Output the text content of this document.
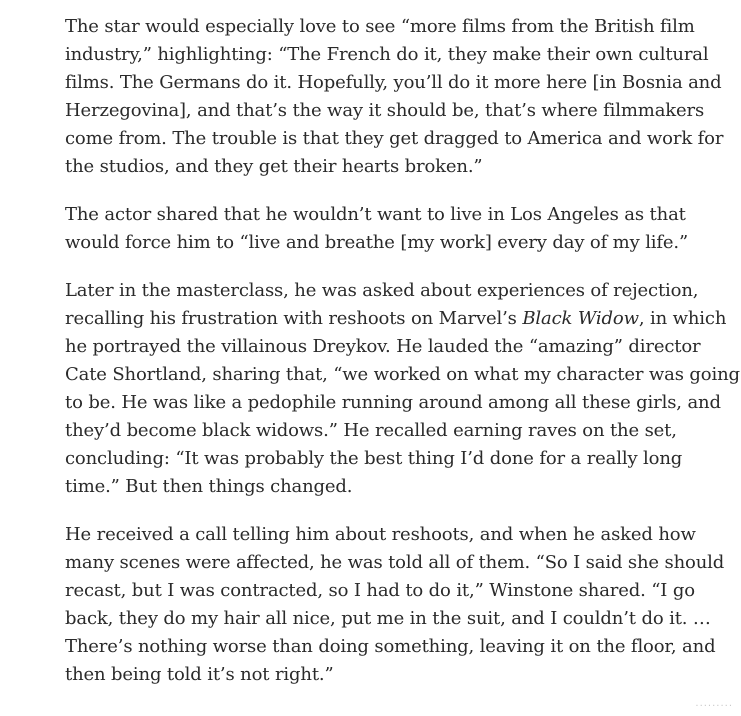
The star would especially love to see “more films from the British film industry,” highlighting: “The French do it, they make their own cultural films. The Germans do it. Hopefully, you’ll do it more here [in Bosnia and Herzegovina], and that’s the way it should be, that’s where filmmakers come from. The trouble is that they get dragged to America and work for the studios, and they get their hearts broken.”

The actor shared that he wouldn’t want to live in Los Angeles as that would force him to “live and breathe [my work] every day of my life.”

Later in the masterclass, he was asked about experiences of rejection, recalling his frustration with reshoots on Marvel’s Black Widow, in which he portrayed the villainous Dreykov. He lauded the “amazing” director Cate Shortland, sharing that, “we worked on what my character was going to be. He was like a pedophile running around among all these girls, and they’d become black widows.” He recalled earning raves on the set, concluding: “It was probably the best thing I’d done for a really long time.” But then things changed.

He received a call telling him about reshoots, and when he asked how many scenes were affected, he was told all of them. “So I said she should recast, but I was contracted, so I had to do it,” Winstone shared. “I go back, they do my hair all nice, put me in the suit, and I couldn’t do it. … There’s nothing worse than doing something, leaving it on the floor, and then being told it’s not right.”

·········
